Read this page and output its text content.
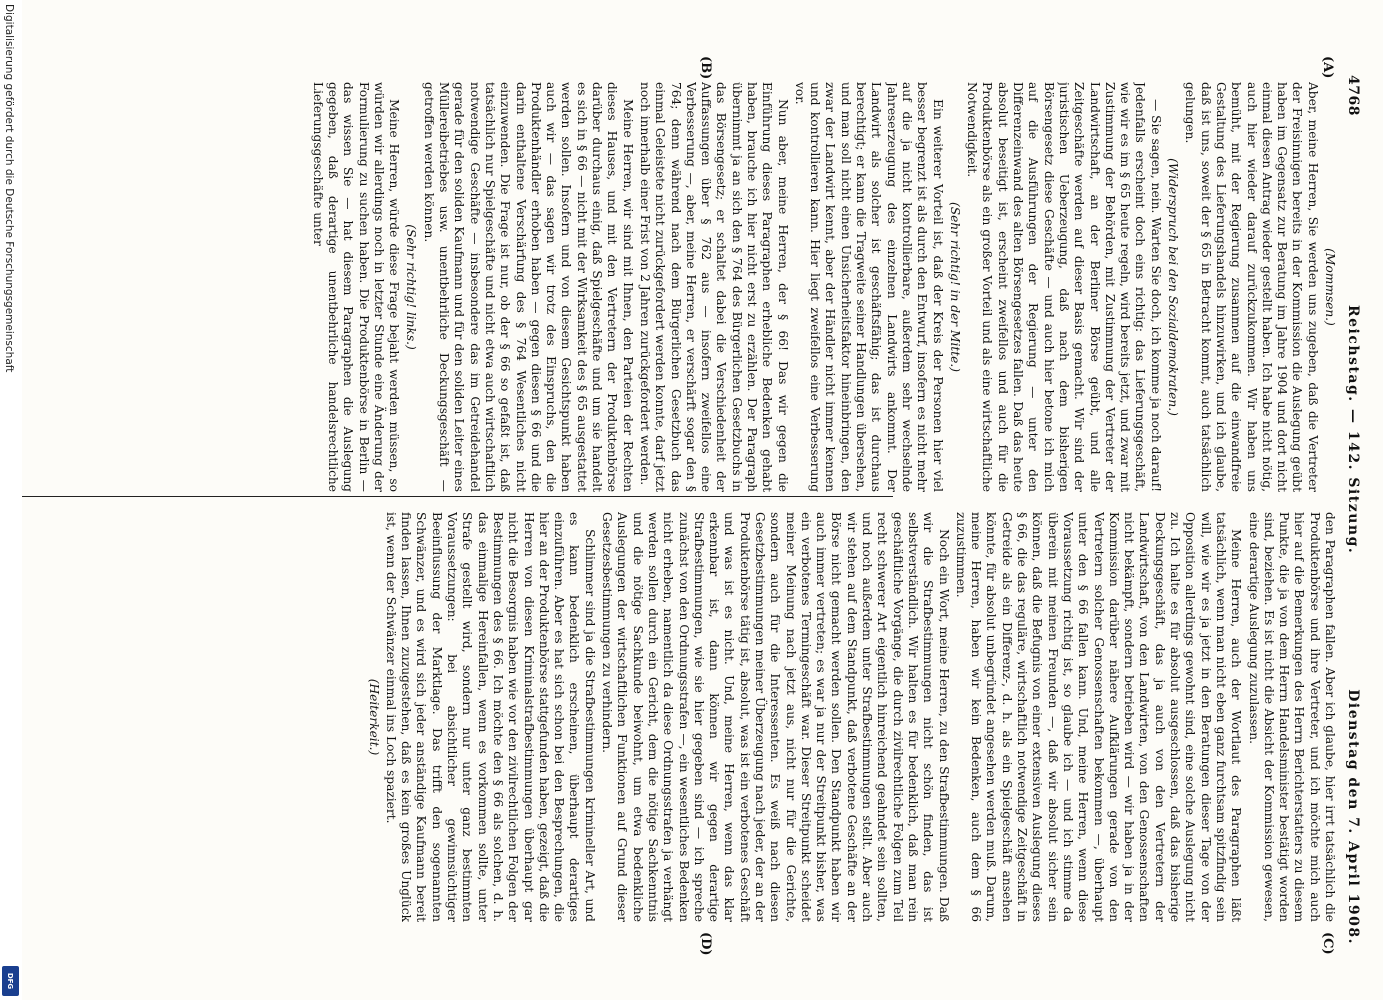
4768
Reichstag. — 142. Sitzung.
Dienstag den 7. April 1908.
(A)
(B)
(C)
(D)

(Mommsen.)

Aber, meine Herren, Sie werden uns zugeben, daß die Vertreter der Freisinnigen bereits in der Kommission die Auslegung geübt haben im Gegensatz zur Beratung im Jahre 1904 und dort nicht einmal diesen Antrag wieder gestellt haben. Ich habe nicht nötig, auch hier wieder darauf zurückzukommen. Wir haben uns bemüht, mit der Regierung zusammen auf die einwandfreie Gestaltung des Lieferungshandels hinzuwirken, und ich glaube, daß ist uns, soweit der § 65 in Betracht kommt, auch tatsächlich gelungen.

(Widerspruch bei den Sozialdemokraten.)

— Sie sagen, nein. Warten Sie doch, ich komme ja noch darauf! Jedenfalls erscheint doch eins richtig: das Lieferungsgeschäft, wie wir es im § 65 heute regeln, wird bereits jetzt, und zwar mit Zustimmung der Behörden, mit Zustimmung der Vertreter der Landwirtschaft, an der Berliner Börse geübt, und alle Zeitgeschäfte werden auf dieser Basis gemacht. Wir sind der juristischen Ueberzeugung, daß nach dem bisherigen Börsengesetz diese Geschäfte — und auch hier betone ich mich auf die Ausführungen der Regierung — unter den Differenzeinwand des alten Börsengesetzes fallen. Daß das heute absolut beseitigt ist, erscheint zweifellos und auch für die Produktenbörse als ein großer Vorteil und als eine wirtschaftliche Notwendigkeit.

(Sehr richtig! in der Mitte.)

Ein weiterer Vorteil ist, daß der Kreis der Personen hier viel besser begrenzt ist als durch den Entwurf, insofern es nicht mehr auf die ja nicht kontrollierbare, außerdem sehr wechselnde Jahreserzeugung des einzelnen Landwirts ankommt. Der Landwirt als solcher ist geschäftsfähig; das ist durchaus berechtigt; er kann die Tragweite seiner Handlungen übersehen, und man soll nicht einen Unsicherheitsfaktor hineinbringen, den zwar der Landwirt kennt, aber der Händler nicht immer kennen und kontrollieren kann. Hier liegt zweifellos eine Verbesserung vor.

Nun aber, meine Herren, der § 66! Das wir gegen die Einführung dieses Paragraphen erhebliche Bedenken gehabt haben, brauche ich hier nicht erst zu erzählen. Der Paragraph übernimmt ja an sich den § 764 des Bürgerlichen Gesetzbuchs in das Börsengesetz; er schaltet dabei die Verschiedenheit der Auffassungen über § 762 aus — insofern zweifellos eine Verbesserung —, aber, meine Herren, er verschärft sogar den § 764; denn während nach dem Bürgerlichen Gesetzbuch das einmal Geleistete nicht zurückgefordert werden konnte, darf jetzt noch innerhalb einer Frist von 2 Jahren zurückgefordert werden.

Meine Herren, wir sind mit Ihnen, den Parteien der Rechten dieses Hauses, und mit den Vertretern der Produktenbörse darüber durchaus einig, daß Spielgeschäfte und um sie handelt es sich in § 66 — nicht mit der Wirksamkeit des § 65 ausgestattet werden sollen. Insofern und von diesem Gesichtspunkt haben auch wir — das sagen wir trotz des Einspruchs, den die Produktenhändler erhoben haben — gegen diesen § 66 und die darin enthaltene Verschärfung des § 764 Wesentliches nicht einzuwenden. Die Frage ist nur, ob der § 66 so gefaßt ist, daß tatsächlich nur Spielgeschäfte und nicht etwa auch wirtschaftlich notwendige Geschäfte — insbesondere das im Getreidehandel gerade für den soliden Kaufmann und für den soliden Leiter eines Müllereibetriebes usw. unentbehrliche Deckungsgeschäft — getroffen werden können.

(Sehr richtig! links.)

Meine Herren, würde diese Frage bejaht werden müssen, so würden wir allerdings noch in letzter Stunde eine Änderung der Formulierung zu suchen haben. Die Produktenbörse in Berlin — das wissen Sie — hat diesem Paragraphen die Auslegung gegeben, daß derartige unentbehrliche handelsrechtliche Lieferungsgeschäfte unter

den Paragraphen fallen. Aber ich glaube, hier irrt tatsächlich die Produktenbörse und ihre Vertreter, und ich möchte mich auch hier auf die Bemerkungen des Herrn Berichterstatters zu diesem Punkte, die ja von dem Herrn Handelsminister bestätigt worden sind, beziehen. Es ist nicht die Absicht der Kommission gewesen, eine derartige Auslegung zuzulassen.

Meine Herren, auch der Wortlaut des Paragraphen läßt tatsächlich, wenn man nicht eben ganz furchtsam spitzfindig sein will, wie wir es ja jetzt in den Beratungen dieser Tage von der Opposition allerdings gewohnt sind, eine solche Auslegung nicht zu. Ich halte es für absolut ausgeschlossen, daß das bisherige Deckungsgeschäft, das ja auch von den Vertretern der Landwirtschaft, von den Landwirten, von den Genossenschaften nicht bekämpft, sondern betrieben wird — wir haben ja in der Kommission darüber nähere Aufklärungen gerade von den Vertretern solcher Genossenschaften bekommen —, überhaupt unter den § 66 fallen kann. Und, meine Herren, wenn diese Voraussetzung richtig ist, so glaube ich — und ich stimme da überein mit meinen Freunden —, daß wir absolut sicher sein können, daß die Befugnis von einer extensiven Auslegung dieses § 66, die das reguläre, wirtschaftlich notwendige Zeitgeschäft in Getreide als ein Differenz-, d. h. als ein Spielgeschäft ansehen könnte, für absolut unbegründet angesehen werden muß. Darum, meine Herren, haben wir kein Bedenken, auch dem § 66 zuzustimmen.

Noch ein Wort, meine Herren, zu den Strafbestimmungen. Daß wir die Strafbestimmungen nicht schön finden, das ist selbstverständlich. Wir halten es für bedenklich, daß man rein geschäftliche Vorgänge, die durch zivilrechtliche Folgen zum Teil recht schwerer Art eigentlich hinreichend geahndet sein sollten, und noch außerdem unter Strafbestimmungen stellt. Aber auch wir stehen auf dem Standpunkt, daß verbotene Geschäfte an der Börse nicht gemacht werden sollen. Den Standpunkt haben wir auch immer vertreten; es war ja nur der Streitpunkt bisher, was ein verbotenes Termingeschäft war. Dieser Streitpunkt scheidet meiner Meinung nach jetzt aus, nicht nur für die Gerichte, sondern auch für die Interessenten. Es weiß nach diesen Gesetzbestimmungen meiner Überzeugung nach jeder, der an der Produktenbörse tätig ist, absolut, was ist ein verbotenes Geschäft und was ist es nicht. Und, meine Herren, wenn das klar erkennbar ist, dann können wir gegen derartige Strafbestimmungen, wie sie hier gegeben sind — ich spreche zunächst von den Ordnungsstrafen —, ein wesentliches Bedenken nicht erheben, namentlich da diese Ordnungsstrafen ja verhängt werden sollen durch ein Gericht, dem die nötige Sachkenntnis und die nötige Sachkunde beiwohnt, um etwa bedenkliche Auslegungen der wirtschaftlichen Funktionen auf Grund dieser Gesetzesbestimmungen zu verhindern.

Schlimmer sind ja die Strafbestimmungen krimineller Art, und es kann bedenklich erscheinen, überhaupt derartiges einzuführen. Aber es hat sich schon bei den Besprechungen, die hier an der Produktenbörse stattgefunden haben, gezeigt, daß die Herren von diesen Kriminalstrafbestimmungen überhaupt gar nicht die Besorgnis haben wie vor den zivilrechtlichen Folgen der Bestimmungen des § 66. Ich möchte den § 66 als solchen, d. h. das einmalige Hereinfallen, wenn es vorkommen sollte, unter Strafe gestellt wird, sondern nur unter ganz bestimmten Voraussetzungen: bei absichtlicher gewinnsüchtiger Beeinflussung der Marktlage. Das trifft den sogenannten Schwänzer, und es wird sich jeder anständige Kaufmann bereit finden lassen, Ihnen zuzugestehen, daß es kein großes Unglück ist, wenn der Schwänzer einmal ins Loch spaziert.

(Heiterkeit.)

Digitalisierung gefördert durch die Deutsche Forschungsgemeinschaft
DFG
